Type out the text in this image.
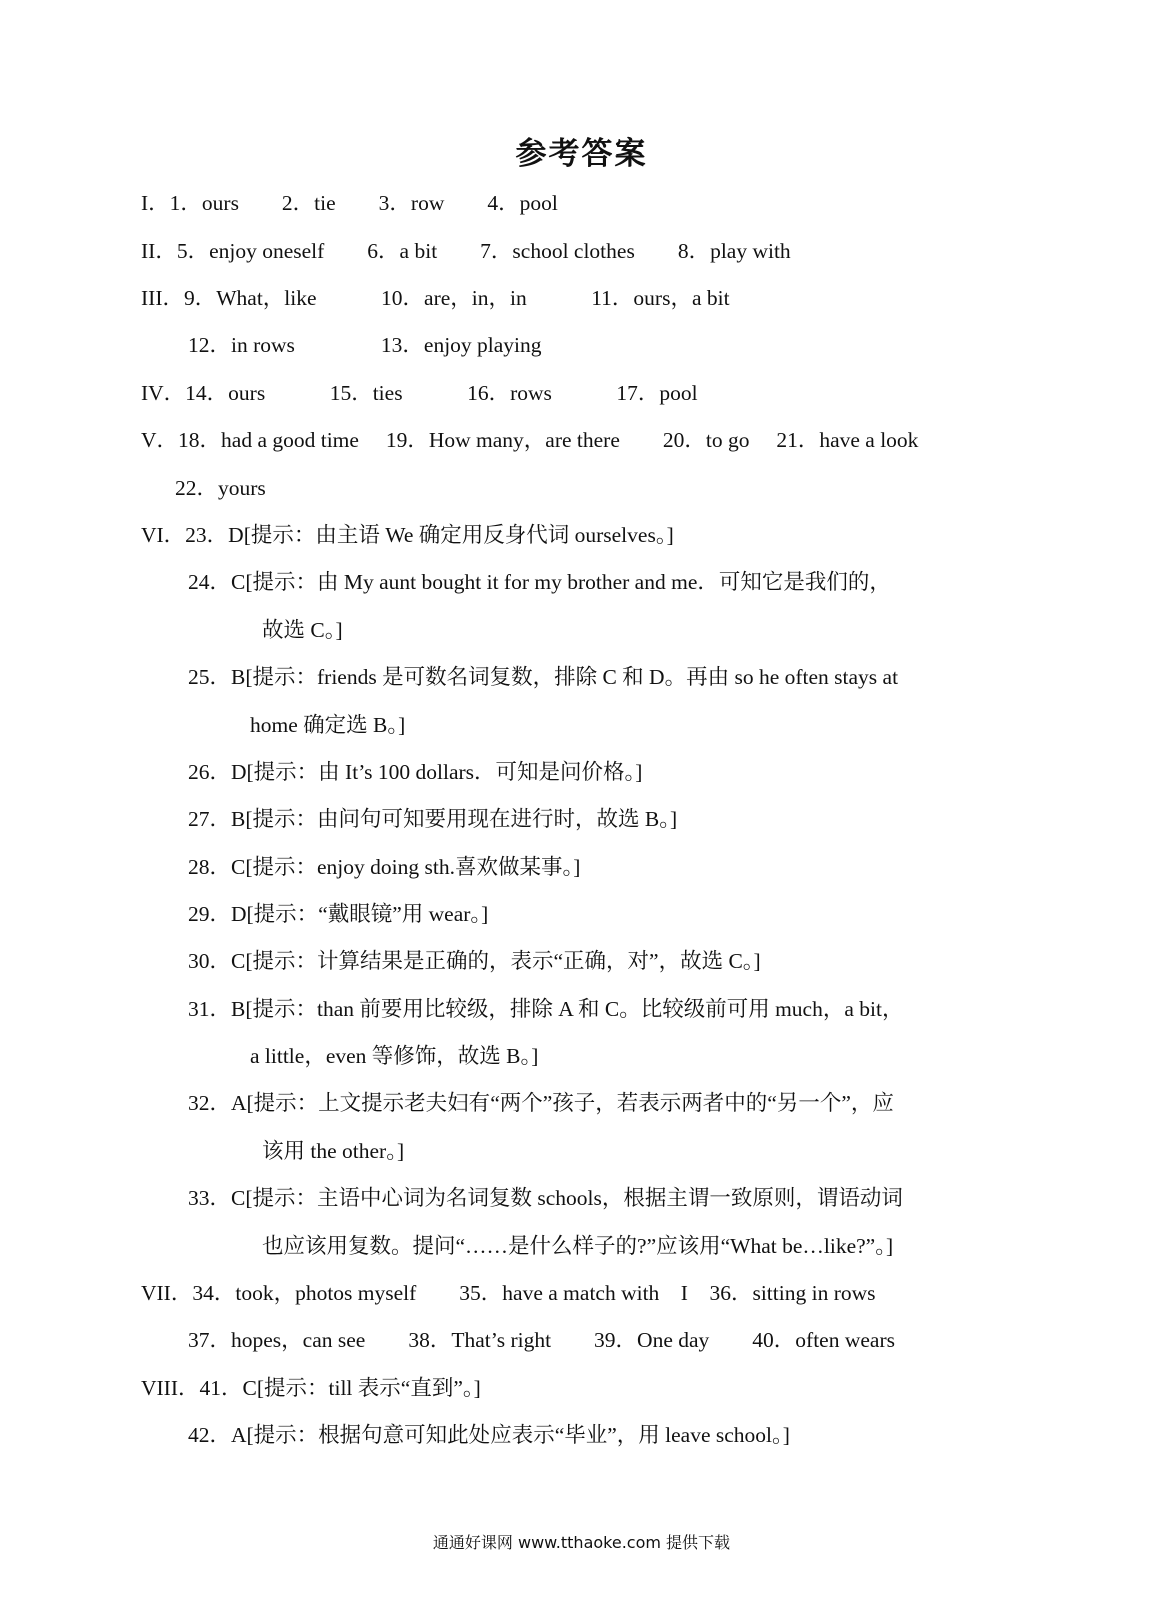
参考答案
I．1．ours　　2．tie　　3．row　　4．pool
II．5．enjoy oneself　　6．a bit　　7．school clothes　　8．play with
III．9．What，like　　　10．are，in，in　　　11．ours，a bit
12．in rows　　　　13．enjoy playing
IV．14．ours　　　15．ties　　　16．rows　　　17．pool
V．18．had a good time　 19．How many，are there　　20．to go　 21．have a look
22．yours
VI．23．D[提示：由主语 We 确定用反身代词 ourselves。]
24．C[提示：由 My aunt bought it for my brother and me．可知它是我们的，
故选 C。]
25．B[提示：friends 是可数名词复数，排除 C 和 D。再由 so he often stays at
home 确定选 B。]
26．D[提示：由 It’s 100 dollars．可知是问价格。]
27．B[提示：由问句可知要用现在进行时，故选 B。]
28．C[提示：enjoy doing sth.喜欢做某事。]
29．D[提示：“戴眼镜”用 wear。]
30．C[提示：计算结果是正确的，表示“正确，对”，故选 C。]
31．B[提示：than 前要用比较级，排除 A 和 C。比较级前可用 much，a bit，
a little，even 等修饰，故选 B。]
32．A[提示：上文提示老夫妇有“两个”孩子，若表示两者中的“另一个”，应
该用 the other。]
33．C[提示：主语中心词为名词复数 schools，根据主谓一致原则，谓语动词
也应该用复数。提问“……是什么样子的?”应该用“What be…like?”。]
VII．34．took，photos myself　　35．have a match with　I　36．sitting in rows
37．hopes，can see　　38．That’s right　　39．One day　　40．often wears
VIII．41．C[提示：till 表示“直到”。]
42．A[提示：根据句意可知此处应表示“毕业”，用 leave school。]
通通好课网 www.tthaoke.com 提供下载
